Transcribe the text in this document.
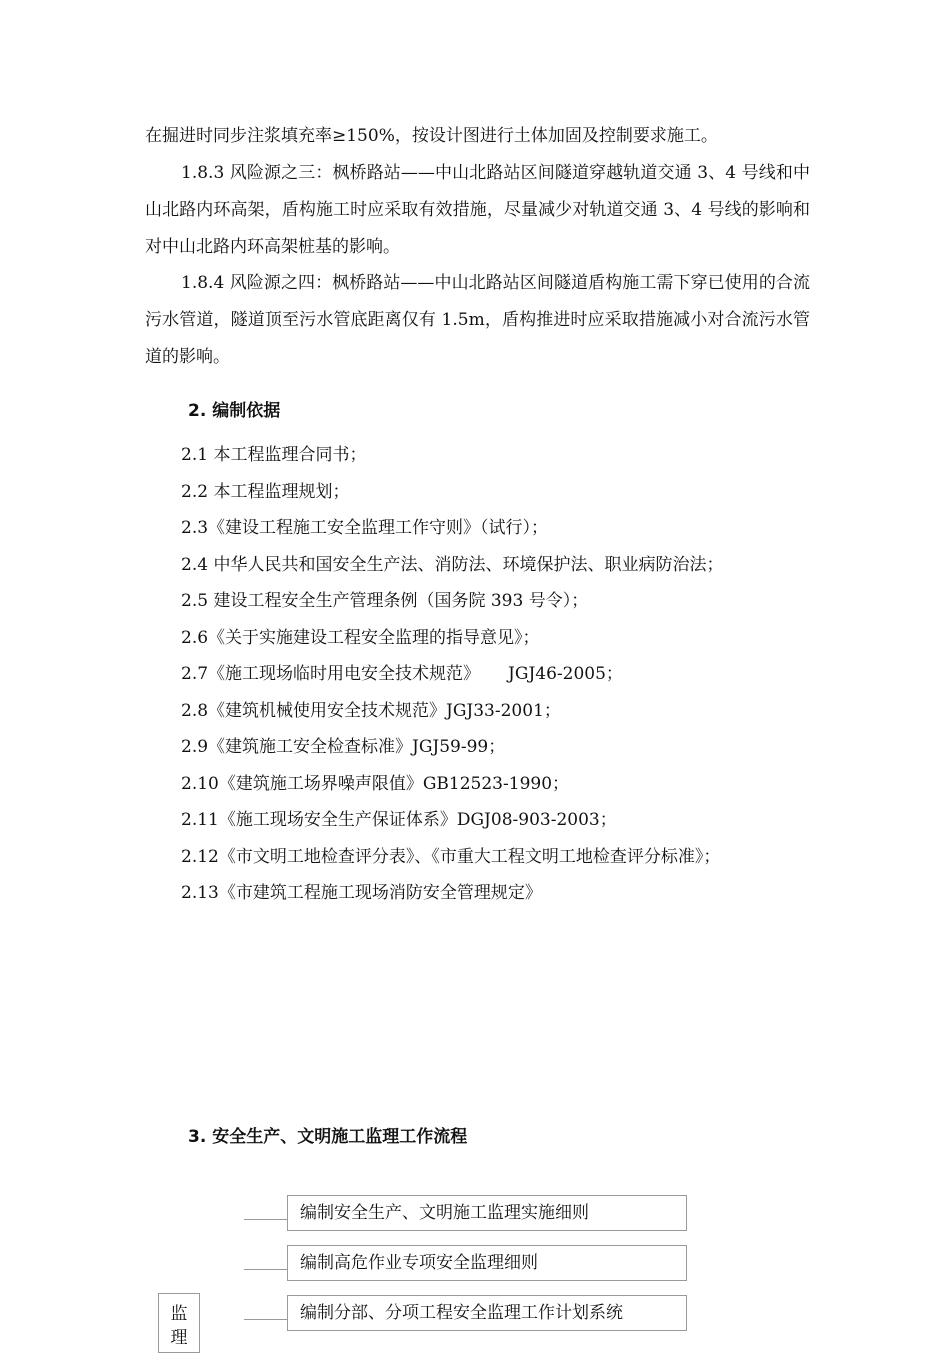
在掘进时同步注浆填充率≥150%，按设计图进行土体加固及控制要求施工。

1.8.3 风险源之三：枫桥路站——中山北路站区间隧道穿越轨道交通 3、4 号线和中山北路内环高架，盾构施工时应采取有效措施，尽量减少对轨道交通 3、4 号线的影响和对中山北路内环高架桩基的影响。

1.8.4 风险源之四：枫桥路站——中山北路站区间隧道盾构施工需下穿已使用的合流污水管道，隧道顶至污水管底距离仅有 1.5m，盾构推进时应采取措施减小对合流污水管道的影响。

2. 编制依据
2.1 本工程监理合同书；
2.2 本工程监理规划；
2.3《建设工程施工安全监理工作守则》（试行）；
2.4 中华人民共和国安全生产法、消防法、环境保护法、职业病防治法；
2.5 建设工程安全生产管理条例（国务院 393 号令）；
2.6《关于实施建设工程安全监理的指导意见》；
2.7《施工现场临时用电安全技术规范》 JGJ46-2005；
2.8《建筑机械使用安全技术规范》JGJ33-2001；
2.9《建筑施工安全检查标准》JGJ59-99；
2.10《建筑施工场界噪声限值》GB12523-1990；
2.11《施工现场安全生产保证体系》DGJ08-903-2003；
2.12《市文明工地检查评分表》、《市重大工程文明工地检查评分标准》；
2.13《市建筑工程施工现场消防安全管理规定》
3. 安全生产、文明施工监理工作流程
编制安全生产、文明施工监理实施细则
编制高危作业专项安全监理细则
编制分部、分项工程安全监理工作计划系统
监
理
